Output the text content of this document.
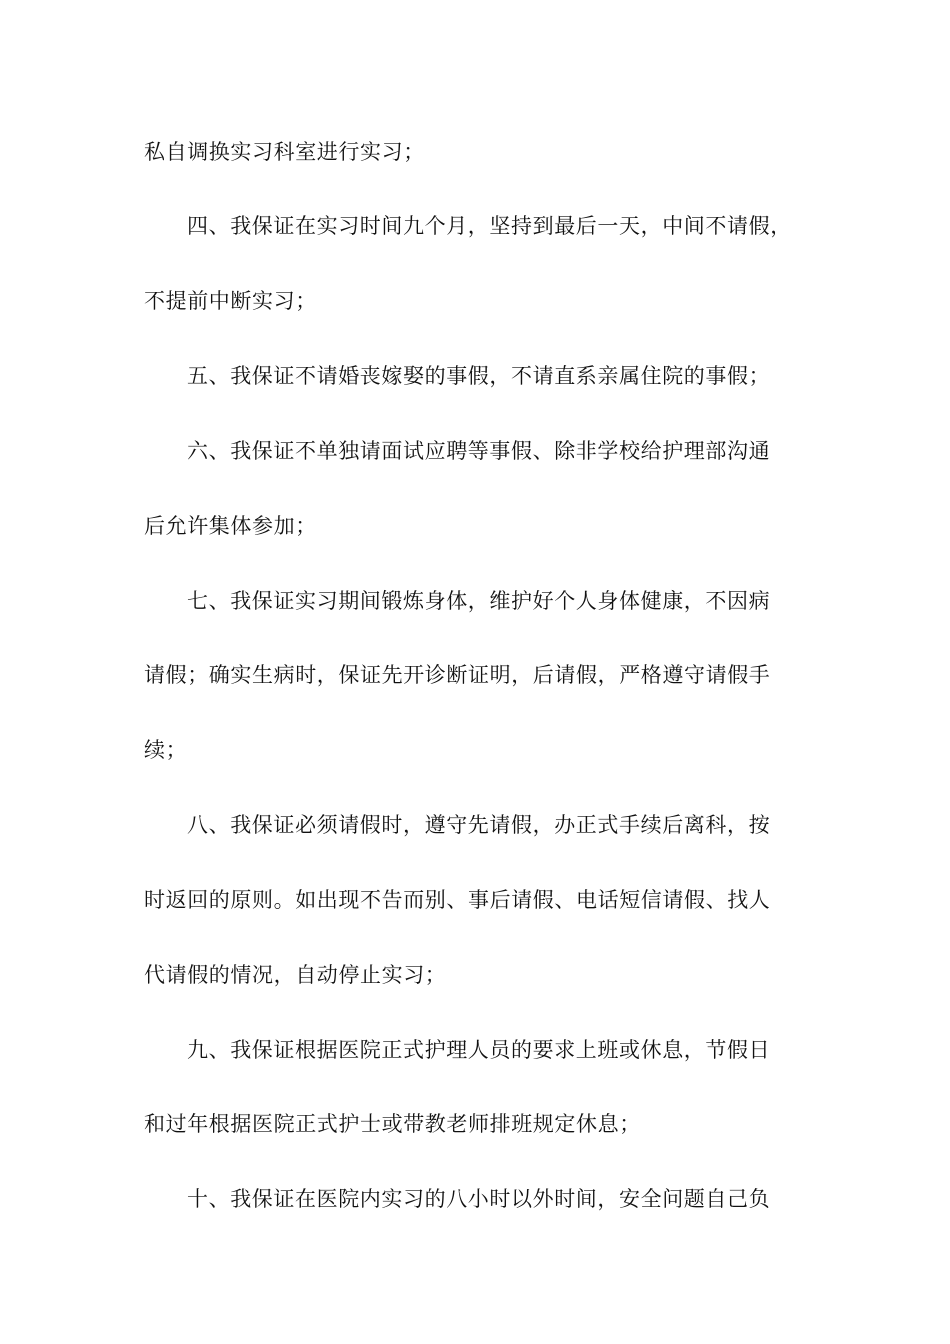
私自调换实习科室进行实习；

四、我保证在实习时间九个月，坚持到最后一天，中间不请假，

不提前中断实习；

五、我保证不请婚丧嫁娶的事假，不请直系亲属住院的事假；

六、我保证不单独请面试应聘等事假、除非学校给护理部沟通

后允许集体参加；

七、我保证实习期间锻炼身体，维护好个人身体健康，不因病

请假；确实生病时，保证先开诊断证明，后请假，严格遵守请假手

续；

八、我保证必须请假时，遵守先请假，办正式手续后离科，按

时返回的原则。如出现不告而别、事后请假、电话短信请假、找人

代请假的情况，自动停止实习；

九、我保证根据医院正式护理人员的要求上班或休息，节假日

和过年根据医院正式护士或带教老师排班规定休息；

十、我保证在医院内实习的八小时以外时间，安全问题自己负
